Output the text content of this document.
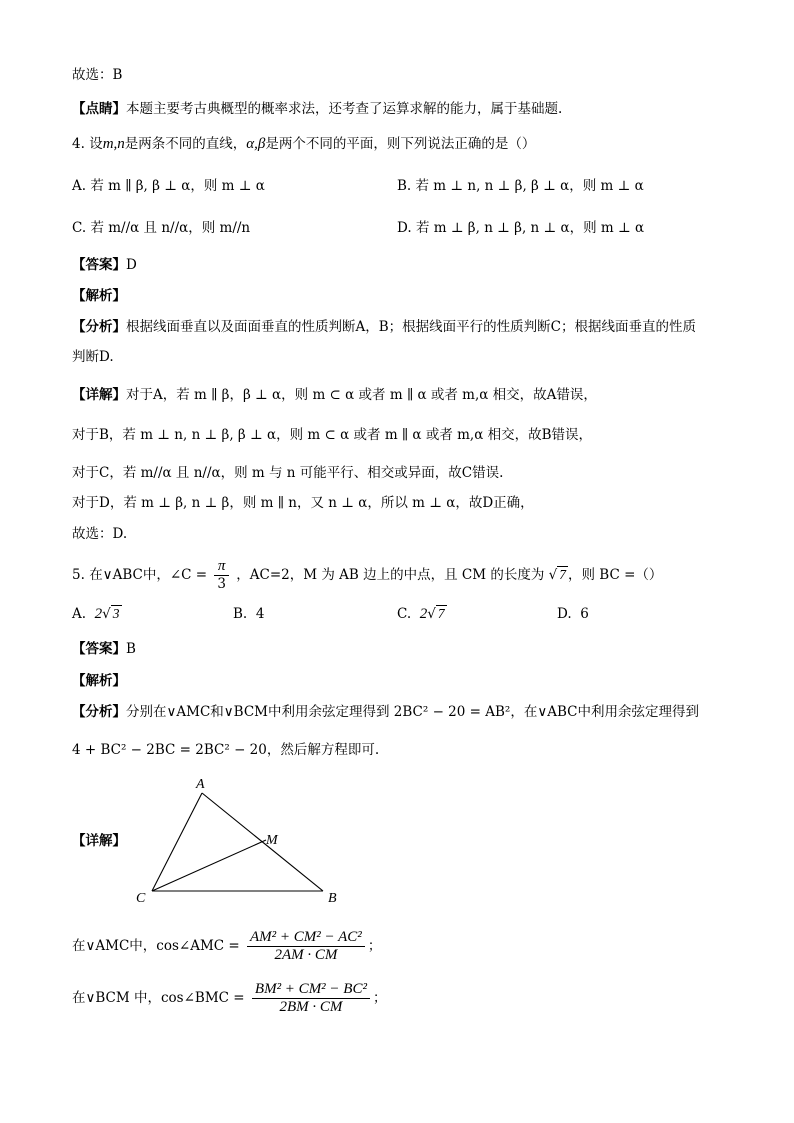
故选：B
【点睛】本题主要考古典概型的概率求法，还考查了运算求解的能力，属于基础题.
4. 设m,n是两条不同的直线，α,β是两个不同的平面，则下列说法正确的是（）
A. 若 m ∥ β, β ⊥ α，则 m ⊥ α	B. 若 m ⊥ n, n ⊥ β, β ⊥ α，则 m ⊥ α
C. 若 m//α 且 n//α，则 m//n	D. 若 m ⊥ β, n ⊥ β, n ⊥ α，则 m ⊥ α
【答案】D
【解析】
【分析】根据线面垂直以及面面垂直的性质判断A，B；根据线面平行的性质判断C；根据线面垂直的性质
判断D.
【详解】对于A，若 m ∥ β，β ⊥ α，则 m ⊂ α 或者 m ∥ α 或者 m,α 相交，故A错误，
对于B，若 m ⊥ n, n ⊥ β, β ⊥ α，则 m ⊂ α 或者 m ∥ α 或者 m,α 相交，故B错误，
对于C，若 m//α 且 n//α，则 m 与 n 可能平行、相交或异面，故C错误.
对于D，若 m ⊥ β, n ⊥ β，则 m ∥ n，又 n ⊥ α，所以 m ⊥ α，故D正确，
故选：D.
5. 在∨ABC中，∠C = $\frac{\pi}{3}$ ，AC=2，M 为 AB 边上的中点，且 CM 的长度为 √ 7 ，则 BC =（）
A. 2√ 3	B. 4	C. 2√ 7	D. 6
【答案】B
【解析】
【分析】分别在∨AMC和∨BCM中利用余弦定理得到 2BC² − 20 = AB²，在∨ABC中利用余弦定理得到
4 + BC² − 2BC = 2BC² − 20，然后解方程即可.
【详解】
A
M
C	B
在∨AMC中，cos∠AMC = $\frac{\text{AM² + CM² − AC²}}{2AM \cdot CM}$ ；
在∨BCM 中，cos∠BMC = $\frac{\text{BM² + CM² − BC²}}{2BM \cdot CM}$ ；
